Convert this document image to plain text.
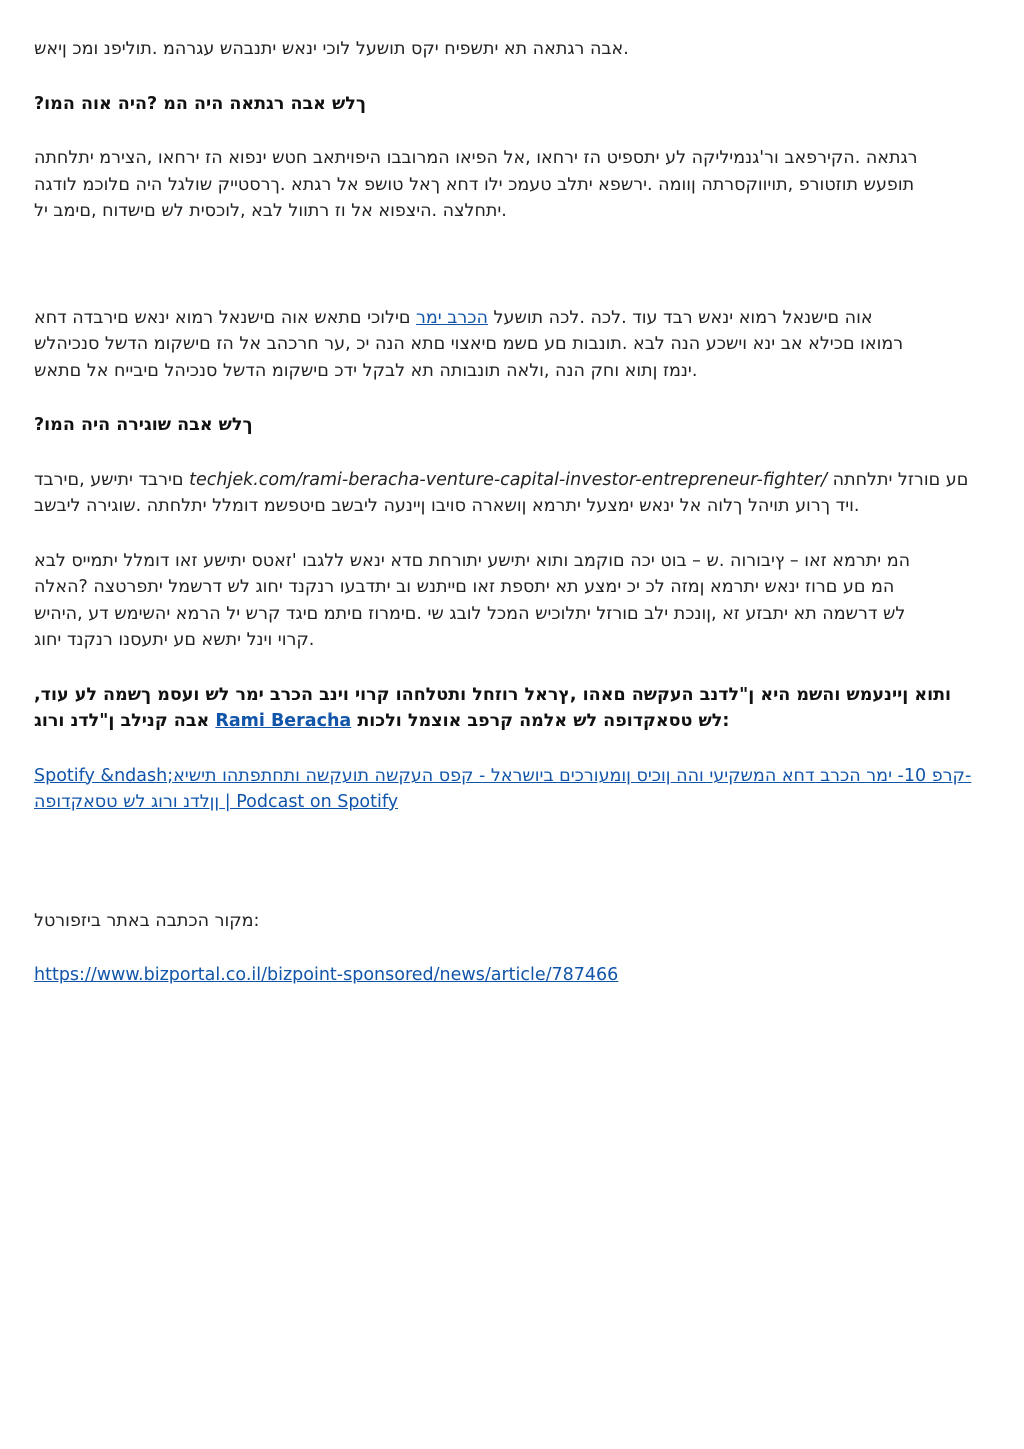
אבה רגתאה תא יתשפיח יקס תושעל לוכי ינאש יתנבהש עגרהמ .תוליפנ ומכ ןיאש.

?ךלש אבה רגתאה היה המ ?היה אוה המו

רגתאה .הקירפאב ור'גנמיליקה לע יתספיט הז ירחאו ,אל הפיאו המרובבו היפויתאב חטש ינפוא הז ירחאו ,הצירמ יתלחתה
תופעש תוזטורפ ,תויווקסרתה ןוומה .ירשפא יתלב טעמכ ילו דחא ךאל טושפ אל רגתא .ךרסטייק שולגל היה םלוכמ לודגה
יתחלצה .היצפוא אל וז רתוול לבא ,לוכסית לש םישדוח ,םימב יל.

אוה םישנאל רמוא ינאש רבד עוד .לכה .לכה תושעל הכרב ימר םילוכי םתאש אוה םישנאל רמוא ינאש םירבדה דחא
רמואו םכילא אב ינא וישכע הנה לבא .תונבות םע םשמ םיאצוי םתא הנה יכ ,ער חרכהב אל הז םישקומ הדשל סנכיהלש
ינמז ןתוא וחק הנה ,ולאה תונבותה תא לבקל ידכ םישקומ הדשל סנכיהל םיבייח אל םתאש.

?ךלש אבה שוגירה היה המו

םירבד יתישע ,םירבד techjek.com/rami-beracha-venture-capital-investor-entrepreneur-fighter/ םע םורזל יתלחתה
ויד ךרוע תויהל ךלוה אל ינאש ימצעל יתרמא ןושארה סויבו ןיינעה ליבשב םיטפשמ דומלל יתלחתה .שוגירה ליבשב.

המ יתרמא זאו – ץיבורוה .ש – בוט יכה םוקמב ותוא יתישע יתורחת םדא ינאש ללגבו 'זאטס יתישע זאו דומלל יתמייס לבא
המ םע םרוז ינאש יתרמא ןמזה לכ יכ ימצע תא יתספת זאו םייתנש וב יתדבעו רנקנד יחוג לש דרשמל יתפרטצה ?האלה
לש דרשמה תא יתבזע זא ,ןונכת ילב םורזל יתלוכיש המכל לובג שי .םימרוז םיתמ םיגד קרש יל הרמא יהשימש דע ,היהיש
קרוי וינל יתשא םע יתעסנו רנקנד יחוג.

,ותוא ןיינעמש והשמ היא ן"לדנב העקשה םאהו ,ץראל רוזחל ותטלחהו קרוי וינב הכרב ימר לש ועסמ ךשמה לע עוד
אבה קנילב ן"לדנ ורוג Rami Beracha לש טסאקדופה לש אלמה קרפב אוצמל ולכות:

Spotify &ndash;קרפ 10- ימר הכרב דחא המשקיעי והה ןוכיס ןומעורכים ביושראל - קפס העקשה תועקשה ותחתפתהו תישיא-
ןןלדנ ורוג לש טסאקדופה | Podcast on Spotify

מקור הכתבה באתר ביזפורטל:

https://www.bizportal.co.il/bizpoint-sponsored/news/article/787466
